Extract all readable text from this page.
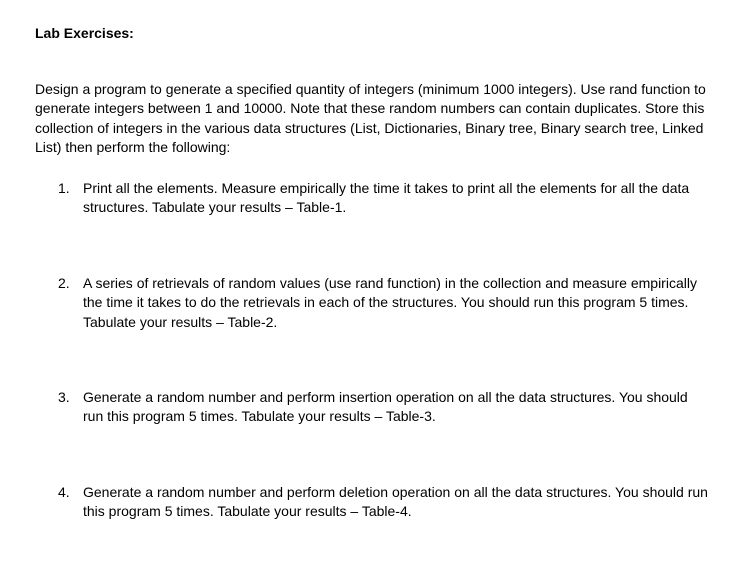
Lab Exercises:

Design a program to generate a specified quantity of integers (minimum 1000 integers). Use rand function to generate integers between 1 and 10000. Note that these random numbers can contain duplicates. Store this collection of integers in the various data structures (List, Dictionaries, Binary tree, Binary search tree, Linked List) then perform the following:

1. Print all the elements. Measure empirically the time it takes to print all the elements for all the data structures. Tabulate your results – Table-1.

2. A series of retrievals of random values (use rand function) in the collection and measure empirically the time it takes to do the retrievals in each of the structures. You should run this program 5 times. Tabulate your results – Table-2.

3. Generate a random number and perform insertion operation on all the data structures. You should run this program 5 times. Tabulate your results – Table-3.

4. Generate a random number and perform deletion operation on all the data structures. You should run this program 5 times. Tabulate your results – Table-4.
